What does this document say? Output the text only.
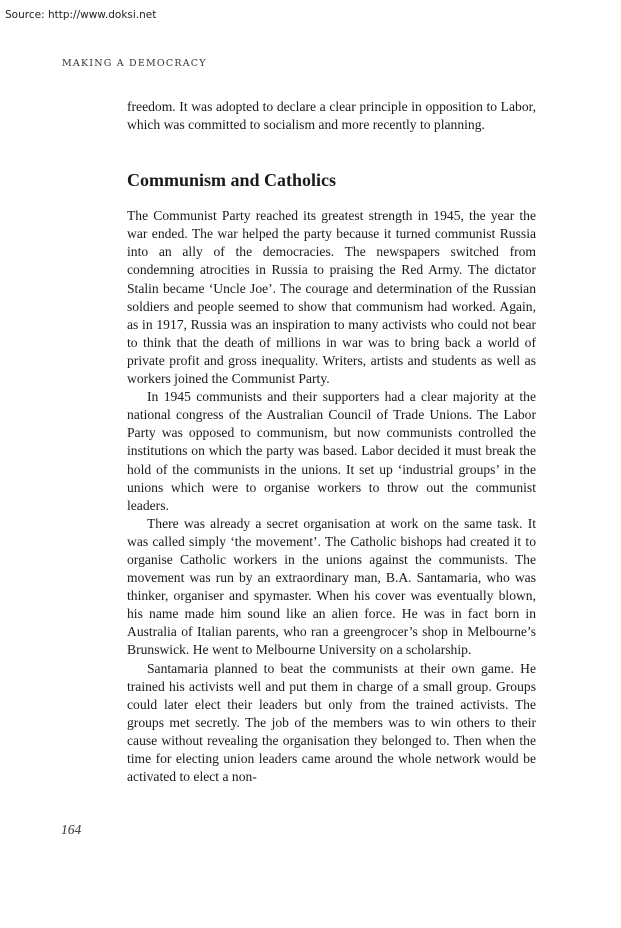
Source: http://www.doksi.net
MAKING A DEMOCRACY

freedom. It was adopted to declare a clear principle in opposition to Labor, which was committed to socialism and more recently to planning.

Communism and Catholics

The Communist Party reached its greatest strength in 1945, the year the war ended. The war helped the party because it turned communist Russia into an ally of the democracies. The newspapers switched from condemning atrocities in Russia to praising the Red Army. The dictator Stalin became ‘Uncle Joe’. The courage and determination of the Russian soldiers and people seemed to show that communism had worked. Again, as in 1917, Russia was an inspiration to many activists who could not bear to think that the death of millions in war was to bring back a world of private profit and gross inequality. Writers, artists and students as well as workers joined the Communist Party.

In 1945 communists and their supporters had a clear majority at the national congress of the Australian Council of Trade Unions. The Labor Party was opposed to communism, but now communists controlled the institutions on which the party was based. Labor decided it must break the hold of the communists in the unions. It set up ‘industrial groups’ in the unions which were to organise workers to throw out the communist leaders.

There was already a secret organisation at work on the same task. It was called simply ‘the movement’. The Catholic bishops had created it to organise Catholic workers in the unions against the communists. The movement was run by an extraordinary man, B.A. Santamaria, who was thinker, organiser and spymaster. When his cover was eventually blown, his name made him sound like an alien force. He was in fact born in Australia of Italian parents, who ran a greengrocer’s shop in Melbourne’s Brunswick. He went to Melbourne University on a scholarship.

Santamaria planned to beat the communists at their own game. He trained his activists well and put them in charge of a small group. Groups could later elect their leaders but only from the trained activists. The groups met secretly. The job of the members was to win others to their cause without revealing the organisation they belonged to. Then when the time for electing union leaders came around the whole network would be activated to elect a non-

164
